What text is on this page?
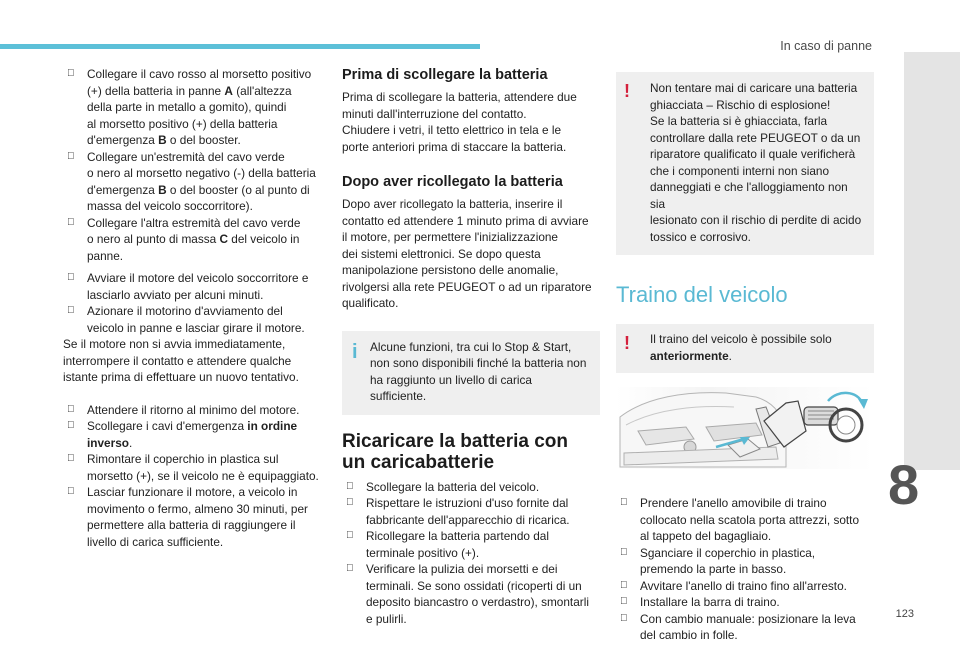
In caso di panne
8
123
Collegare il cavo rosso al morsetto positivo
(+) della batteria in panne A (all'altezza
della parte in metallo a gomito), quindi
al morsetto positivo (+) della batteria
d'emergenza B o del booster.
Collegare un'estremità del cavo verde
o nero al morsetto negativo (-) della batteria
d'emergenza B o del booster (o al punto di
massa del veicolo soccorritore).
Collegare l'altra estremità del cavo verde
o nero al punto di massa C del veicolo in
panne.
Avviare il motore del veicolo soccorritore e
lasciarlo avviato per alcuni minuti.
Azionare il motorino d'avviamento del
veicolo in panne e lasciar girare il motore.

Se il motore non si avvia immediatamente,
interrompere il contatto e attendere qualche
istante prima di effettuare un nuovo tentativo.

Attendere il ritorno al minimo del motore.
Scollegare i cavi d'emergenza in ordine
inverso.
Rimontare il coperchio in plastica sul
morsetto (+), se il veicolo ne è equipaggiato.
Lasciar funzionare il motore, a veicolo in
movimento o fermo, almeno 30 minuti, per
permettere alla batteria di raggiungere il
livello di carica sufficiente.
Prima di scollegare la batteria

Prima di scollegare la batteria, attendere due
minuti dall'interruzione del contatto.
Chiudere i vetri, il tetto elettrico in tela e le
porte anteriori prima di staccare la batteria.

Dopo aver ricollegato la batteria

Dopo aver ricollegato la batteria, inserire il
contatto ed attendere 1 minuto prima di avviare
il motore, per permettere l'inizializzazione
dei sistemi elettronici. Se dopo questa
manipolazione persistono delle anomalie,
rivolgersi alla rete PEUGEOT o ad un riparatore
qualificato.

i Alcune funzioni, tra cui lo Stop & Start,
non sono disponibili finché la batteria non
ha raggiunto un livello di carica sufficiente.
Ricaricare la batteria con
un caricabatterie
Scollegare la batteria del veicolo.
Rispettare le istruzioni d'uso fornite dal
fabbricante dell'apparecchio di ricarica.
Ricollegare la batteria partendo dal
terminale positivo (+).
Verificare la pulizia dei morsetti e dei
terminali. Se sono ossidati (ricoperti di un
deposito biancastro o verdastro), smontarli
e pulirli.
! Non tentare mai di caricare una batteria
ghiacciata – Rischio di esplosione!
Se la batteria si è ghiacciata, farla
controllare dalla rete PEUGEOT o da un
riparatore qualificato il quale verificherà
che i componenti interni non siano
danneggiati e che l'alloggiamento non sia
lesionato con il rischio di perdite di acido
tossico e corrosivo.
Traino del veicolo
! Il traino del veicolo è possibile solo
anteriormente.
Prendere l'anello amovibile di traino
collocato nella scatola porta attrezzi, sotto
al tappeto del bagagliaio.
Sganciare il coperchio in plastica,
premendo la parte in basso.
Avvitare l'anello di traino fino all'arresto.
Installare la barra di traino.
Con cambio manuale: posizionare la leva
del cambio in folle.
